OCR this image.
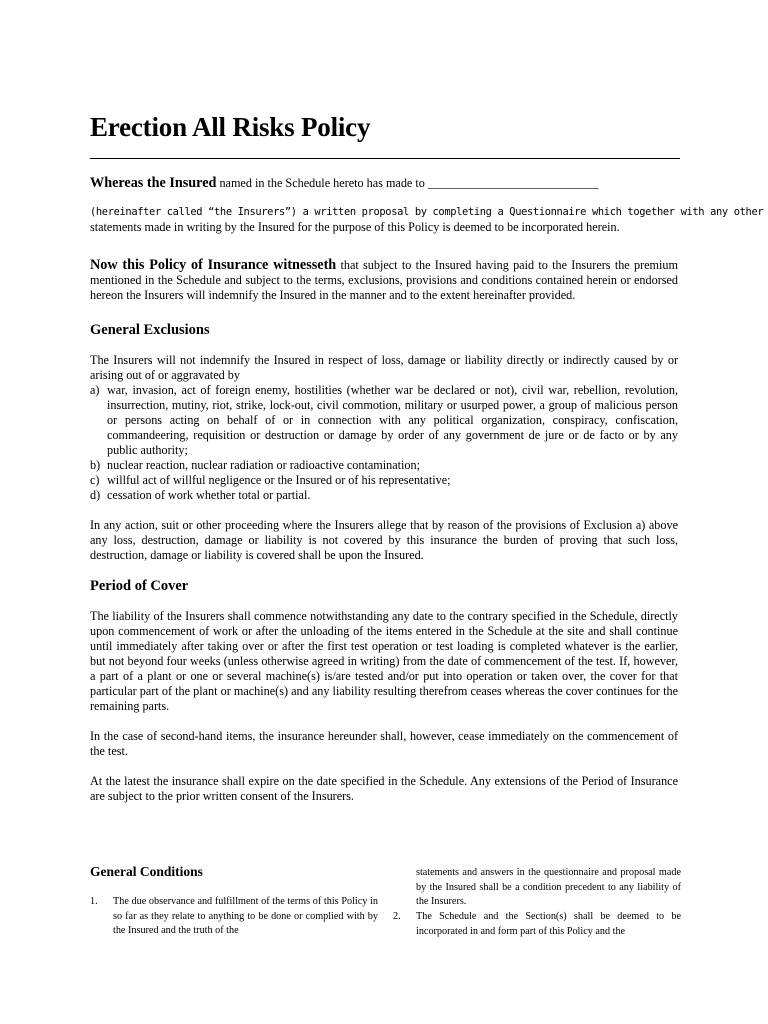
Erection All Risks Policy
Whereas the Insured named in the Schedule hereto has made to ____________________________
(hereinafter called “the Insurers”) a written proposal by completing a Questionnaire which together with any other
statements made in writing by the Insured for the purpose of this Policy is deemed to be incorporated herein.
Now this Policy of Insurance witnesseth that subject to the Insured having paid to the Insurers the premium mentioned in the Schedule and subject to the terms, exclusions, provisions and conditions contained herein or endorsed hereon the Insurers will indemnify the Insured in the manner and to the extent hereinafter provided.
General Exclusions
The Insurers will not indemnify the Insured in respect of loss, damage or liability directly or indirectly caused by or arising out of or aggravated by
a) war, invasion, act of foreign enemy, hostilities (whether war be declared or not), civil war, rebellion, revolution, insurrection, mutiny, riot, strike, lock-out, civil commotion, military or usurped power, a group of malicious person or persons acting on behalf of or in connection with any political organization, conspiracy, confiscation, commandeering, requisition or destruction or damage by order of any government de jure or de facto or by any public authority;
b) nuclear reaction, nuclear radiation or radioactive contamination;
c) willful act of willful negligence or the Insured or of his representative;
d) cessation of work whether total or partial.
In any action, suit or other proceeding where the Insurers allege that by reason of the provisions of Exclusion a) above any loss, destruction, damage or liability is not covered by this insurance the burden of proving that such loss, destruction, damage or liability is covered shall be upon the Insured.
Period of Cover
The liability of the Insurers shall commence notwithstanding any date to the contrary specified in the Schedule, directly upon commencement of work or after the unloading of the items entered in the Schedule at the site and shall continue until immediately after taking over or after the first test operation or test loading is completed whatever is the earlier, but not beyond four weeks (unless otherwise agreed in writing) from the date of commencement of the test. If, however, a part of a plant or one or several machine(s) is/are tested and/or put into operation or taken over, the cover for that particular part of the plant or machine(s) and any liability resulting therefrom ceases whereas the cover continues for the remaining parts.
In the case of second-hand items, the insurance hereunder shall, however, cease immediately on the commencement of the test.
At the latest the insurance shall expire on the date specified in the Schedule. Any extensions of the Period of Insurance are subject to the prior written consent of the Insurers.
General Conditions
1. The due observance and fulfillment of the terms of this Policy in so far as they relate to anything to be done or complied with by the Insured and the truth of the
statements and answers in the questionnaire and proposal made by the Insured shall be a condition precedent to any liability of the Insurers.
2. The Schedule and the Section(s) shall be deemed to be incorporated in and form part of this Policy and the
